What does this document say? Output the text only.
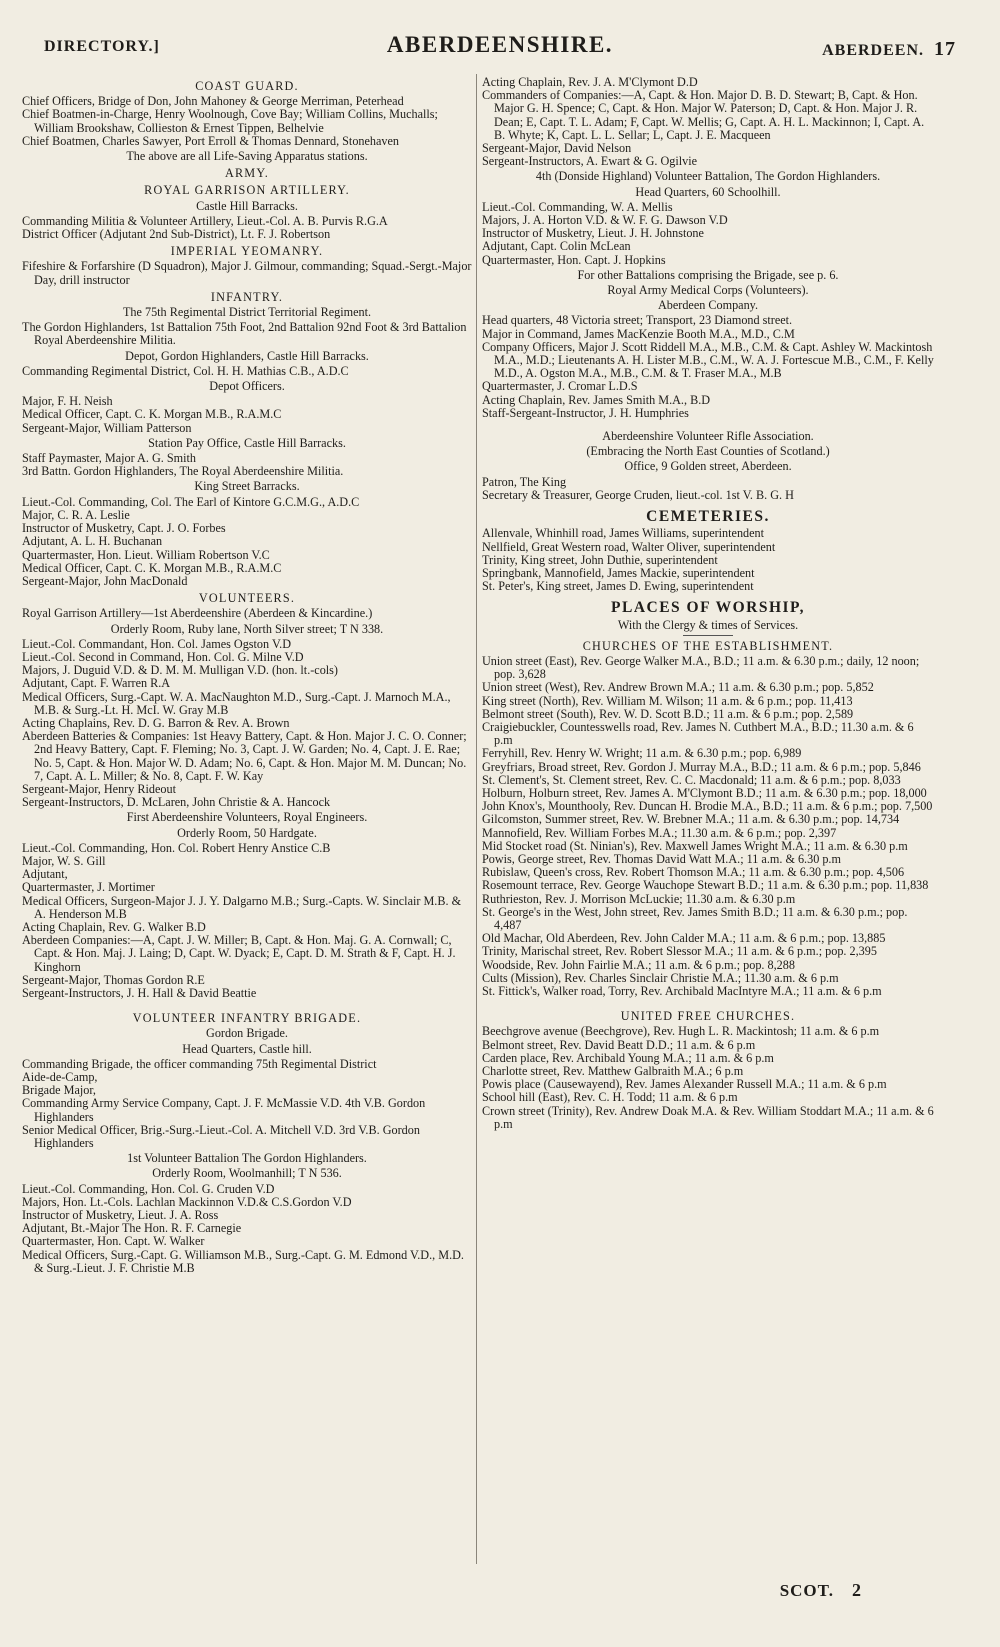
DIRECTORY.]	ABERDEENSHIRE.	ABERDEEN. 17

COAST GUARD.

Chief Officers, Bridge of Don, John Mahoney & George Merriman, Peterhead

Chief Boatmen-in-Charge, Henry Woolnough, Cove Bay; William Collins, Muchalls; William Brookshaw, Collieston & Ernest Tippen, Belhelvie

Chief Boatmen, Charles Sawyer, Port Erroll & Thomas Dennard, Stonehaven

The above are all Life-Saving Apparatus stations.

ARMY.

ROYAL GARRISON ARTILLERY.

Castle Hill Barracks.

Commanding Militia & Volunteer Artillery, Lieut.-Col. A. B. Purvis R.G.A

District Officer (Adjutant 2nd Sub-District), Lt. F. J. Robertson

IMPERIAL YEOMANRY.

Fifeshire & Forfarshire (D Squadron), Major J. Gilmour, commanding; Squad.-Sergt.-Major Day, drill instructor

INFANTRY.

The 75th Regimental District Territorial Regiment.

The Gordon Highlanders, 1st Battalion 75th Foot, 2nd Battalion 92nd Foot & 3rd Battalion Royal Aberdeenshire Militia.

Depot, Gordon Highlanders, Castle Hill Barracks.

Commanding Regimental District, Col. H. H. Mathias C.B., A.D.C

Depot Officers.

Major, F. H. Neish

Medical Officer, Capt. C. K. Morgan M.B., R.A.M.C

Sergeant-Major, William Patterson

Station Pay Office, Castle Hill Barracks.

Staff Paymaster, Major A. G. Smith

3rd Battn. Gordon Highlanders, The Royal Aberdeenshire Militia.

King Street Barracks.

Lieut.-Col. Commanding, Col. The Earl of Kintore G.C.M.G., A.D.C

Major, C. R. A. Leslie

Instructor of Musketry, Capt. J. O. Forbes

Adjutant, A. L. H. Buchanan

Quartermaster, Hon. Lieut. William Robertson V.C

Medical Officer, Capt. C. K. Morgan M.B., R.A.M.C

Sergeant-Major, John MacDonald

VOLUNTEERS.

Royal Garrison Artillery—1st Aberdeenshire (Aberdeen & Kincardine.)

Orderly Room, Ruby lane, North Silver street; T N 338.

Lieut.-Col. Commandant, Hon. Col. James Ogston V.D

Lieut.-Col. Second in Command, Hon. Col. G. Milne V.D

Majors, J. Duguid V.D. & D. M. M. Mulligan V.D. (hon. lt.-cols)

Adjutant, Capt. F. Warren R.A

Medical Officers, Surg.-Capt. W. A. MacNaughton M.D., Surg.-Capt. J. Marnoch M.A., M.B. & Surg.-Lt. H. McI. W. Gray M.B

Acting Chaplains, Rev. D. G. Barron & Rev. A. Brown

Aberdeen Batteries & Companies: 1st Heavy Battery, Capt. & Hon. Major J. C. O. Conner; 2nd Heavy Battery, Capt. F. Fleming; No. 3, Capt. J. W. Garden; No. 4, Capt. J. E. Rae; No. 5, Capt. & Hon. Major W. D. Adam; No. 6, Capt. & Hon. Major M. M. Duncan; No. 7, Capt. A. L. Miller; & No. 8, Capt. F. W. Kay

Sergeant-Major, Henry Rideout

Sergeant-Instructors, D. McLaren, John Christie & A. Hancock

First Aberdeenshire Volunteers, Royal Engineers.

Orderly Room, 50 Hardgate.

Lieut.-Col. Commanding, Hon. Col. Robert Henry Anstice C.B

Major, W. S. Gill

Adjutant,

Quartermaster, J. Mortimer

Medical Officers, Surgeon-Major J. J. Y. Dalgarno M.B.; Surg.-Capts. W. Sinclair M.B. & A. Henderson M.B

Acting Chaplain, Rev. G. Walker B.D

Aberdeen Companies:—A, Capt. J. W. Miller; B, Capt. & Hon. Maj. G. A. Cornwall; C, Capt. & Hon. Maj. J. Laing; D, Capt. W. Dyack; E, Capt. D. M. Strath & F, Capt. H. J. Kinghorn

Sergeant-Major, Thomas Gordon R.E

Sergeant-Instructors, J. H. Hall & David Beattie

VOLUNTEER INFANTRY BRIGADE.

Gordon Brigade.

Head Quarters, Castle hill.

Commanding Brigade, the officer commanding 75th Regimental District

Aide-de-Camp,

Brigade Major,

Commanding Army Service Company, Capt. J. F. McMassie V.D. 4th V.B. Gordon Highlanders

Senior Medical Officer, Brig.-Surg.-Lieut.-Col. A. Mitchell V.D. 3rd V.B. Gordon Highlanders

1st Volunteer Battalion The Gordon Highlanders.

Orderly Room, Woolmanhill; T N 536.

Lieut.-Col. Commanding, Hon. Col. G. Cruden V.D

Majors, Hon. Lt.-Cols. Lachlan Mackinnon V.D.& C.S.Gordon V.D

Instructor of Musketry, Lieut. J. A. Ross

Adjutant, Bt.-Major The Hon. R. F. Carnegie

Quartermaster, Hon. Capt. W. Walker

Medical Officers, Surg.-Capt. G. Williamson M.B., Surg.-Capt. G. M. Edmond V.D., M.D. & Surg.-Lieut. J. F. Christie M.B

Acting Chaplain, Rev. J. A. M'Clymont D.D

Commanders of Companies:—A, Capt. & Hon. Major D. B. D. Stewart; B, Capt. & Hon. Major G. H. Spence; C, Capt. & Hon. Major W. Paterson; D, Capt. & Hon. Major J. R. Dean; E, Capt. T. L. Adam; F, Capt. W. Mellis; G, Capt. A. H. L. Mackinnon; I, Capt. A. B. Whyte; K, Capt. L. L. Sellar; L, Capt. J. E. Macqueen

Sergeant-Major, David Nelson

Sergeant-Instructors, A. Ewart & G. Ogilvie

4th (Donside Highland) Volunteer Battalion, The Gordon Highlanders.

Head Quarters, 60 Schoolhill.

Lieut.-Col. Commanding, W. A. Mellis

Majors, J. A. Horton V.D. & W. F. G. Dawson V.D

Instructor of Musketry, Lieut. J. H. Johnstone

Adjutant, Capt. Colin McLean

Quartermaster, Hon. Capt. J. Hopkins

For other Battalions comprising the Brigade, see p. 6.

Royal Army Medical Corps (Volunteers).

Aberdeen Company.

Head quarters, 48 Victoria street; Transport, 23 Diamond street.

Major in Command, James MacKenzie Booth M.A., M.D., C.M

Company Officers, Major J. Scott Riddell M.A., M.B., C.M. & Capt. Ashley W. Mackintosh M.A., M.D.; Lieutenants A. H. Lister M.B., C.M., W. A. J. Fortescue M.B., C.M., F. Kelly M.D., A. Ogston M.A., M.B., C.M. & T. Fraser M.A., M.B

Quartermaster, J. Cromar L.D.S

Acting Chaplain, Rev. James Smith M.A., B.D

Staff-Sergeant-Instructor, J. H. Humphries

Aberdeenshire Volunteer Rifle Association.

(Embracing the North East Counties of Scotland.)

Office, 9 Golden street, Aberdeen.

Patron, The King

Secretary & Treasurer, George Cruden, lieut.-col. 1st V. B. G. H

CEMETERIES.

Allenvale, Whinhill road, James Williams, superintendent

Nellfield, Great Western road, Walter Oliver, superintendent

Trinity, King street, John Duthie, superintendent

Springbank, Mannofield, James Mackie, superintendent

St. Peter's, King street, James D. Ewing, superintendent

PLACES OF WORSHIP,

With the Clergy & times of Services.

CHURCHES OF THE ESTABLISHMENT.

Union street (East), Rev. George Walker M.A., B.D.; 11 a.m. & 6.30 p.m.; daily, 12 noon; pop. 3,628

Union street (West), Rev. Andrew Brown M.A.; 11 a.m. & 6.30 p.m.; pop. 5,852

King street (North), Rev. William M. Wilson; 11 a.m. & 6 p.m.; pop. 11,413

Belmont street (South), Rev. W. D. Scott B.D.; 11 a.m. & 6 p.m.; pop. 2,589

Craigiebuckler, Countesswells road, Rev. James N. Cuthbert M.A., B.D.; 11.30 a.m. & 6 p.m

Ferryhill, Rev. Henry W. Wright; 11 a.m. & 6.30 p.m.; pop. 6,989

Greyfriars, Broad street, Rev. Gordon J. Murray M.A., B.D.; 11 a.m. & 6 p.m.; pop. 5,846

St. Clement's, St. Clement street, Rev. C. C. Macdonald; 11 a.m. & 6 p.m.; pop. 8,033

Holburn, Holburn street, Rev. James A. M'Clymont B.D.; 11 a.m. & 6.30 p.m.; pop. 18,000

John Knox's, Mounthooly, Rev. Duncan H. Brodie M.A., B.D.; 11 a.m. & 6 p.m.; pop. 7,500

Gilcomston, Summer street, Rev. W. Brebner M.A.; 11 a.m. & 6.30 p.m.; pop. 14,734

Mannofield, Rev. William Forbes M.A.; 11.30 a.m. & 6 p.m.; pop. 2,397

Mid Stocket road (St. Ninian's), Rev. Maxwell James Wright M.A.; 11 a.m. & 6.30 p.m

Powis, George street, Rev. Thomas David Watt M.A.; 11 a.m. & 6.30 p.m

Rubislaw, Queen's cross, Rev. Robert Thomson M.A.; 11 a.m. & 6.30 p.m.; pop. 4,506

Rosemount terrace, Rev. George Wauchope Stewart B.D.; 11 a.m. & 6.30 p.m.; pop. 11,838

Ruthrieston, Rev. J. Morrison McLuckie; 11.30 a.m. & 6.30 p.m

St. George's in the West, John street, Rev. James Smith B.D.; 11 a.m. & 6.30 p.m.; pop. 4,487

Old Machar, Old Aberdeen, Rev. John Calder M.A.; 11 a.m. & 6 p.m.; pop. 13,885

Trinity, Marischal street, Rev. Robert Slessor M.A.; 11 a.m. & 6 p.m.; pop. 2,395

Woodside, Rev. John Fairlie M.A.; 11 a.m. & 6 p.m.; pop. 8,288

Cults (Mission), Rev. Charles Sinclair Christie M.A.; 11.30 a.m. & 6 p.m

St. Fittick's, Walker road, Torry, Rev. Archibald MacIntyre M.A.; 11 a.m. & 6 p.m

UNITED FREE CHURCHES.

Beechgrove avenue (Beechgrove), Rev. Hugh L. R. Mackintosh; 11 a.m. & 6 p.m

Belmont street, Rev. David Beatt D.D.; 11 a.m. & 6 p.m

Carden place, Rev. Archibald Young M.A.; 11 a.m. & 6 p.m

Charlotte street, Rev. Matthew Galbraith M.A.; 6 p.m

Powis place (Causewayend), Rev. James Alexander Russell M.A.; 11 a.m. & 6 p.m

School hill (East), Rev. C. H. Todd; 11 a.m. & 6 p.m

Crown street (Trinity), Rev. Andrew Doak M.A. & Rev. William Stoddart M.A.; 11 a.m. & 6 p.m

SCOT. 2
